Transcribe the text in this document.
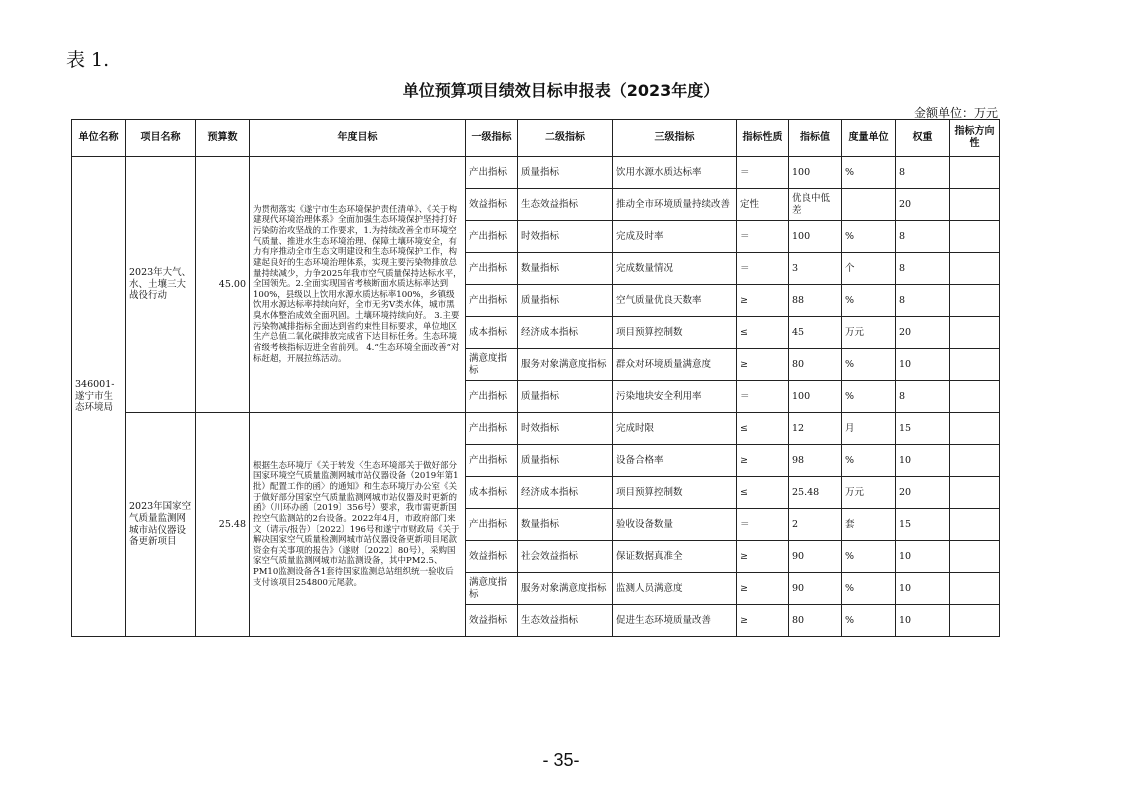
表 1.
单位预算项目绩效目标申报表（2023年度）
金额单位：万元
单位名称	项目名称	预算数	年度目标	一级指标	二级指标	三级指标	指标性质	指标值	度量单位	权重	指标方向性
346001-遂宁市生态环境局	2023年大气、水、土壤三大战役行动	45.00	为贯彻落实《遂宁市生态环境保护责任清单》、《关于构建现代环境治理体系》全面加强生态环境保护坚持打好污染防治攻坚战的工作要求，1.为持续改善全市环境空气质量、推进水生态环境治理、保障土壤环境安全，有力有序推动全市生态文明建设和生态环境保护工作，构建起良好的生态环境治理体系，实现主要污染物排放总量持续减少，力争2025年我市空气质量保持达标水平，全国领先。2.全面实现国省考核断面水质达标率达到100%，县级以上饮用水源水质达标率100%，乡镇级饮用水源达标率持续向好，全市无劣Ⅴ类水体，城市黑臭水体整治成效全面巩固。土壤环境持续向好。 3.主要污染物减排指标全面达到省约束性目标要求，单位地区生产总值二氧化碳排放完成省下达目标任务。生态环境省级考核指标迈进全省前列。 4.“生态环境全面改善”对标赶超，开展拉练活动。	产出指标	质量指标	饮用水源水质达标率	＝	100	%	8	
				效益指标	生态效益指标	推动全市环境质量持续改善	定性	优良中低差		20	
				产出指标	时效指标	完成及时率	＝	100	%	8	
				产出指标	数量指标	完成数量情况	＝	3	个	8	
				产出指标	质量指标	空气质量优良天数率	≥	88	%	8	
				成本指标	经济成本指标	项目预算控制数	≤	45	万元	20	
				满意度指标	服务对象满意度指标	群众对环境质量满意度	≥	80	%	10	
				产出指标	质量指标	污染地块安全利用率	＝	100	%	8	
	2023年国家空气质量监测网城市站仪器设备更新项目	25.48	根据生态环境厅《关于转发〈生态环境部关于做好部分国家环境空气质量监测网城市站仪器设备（2019年第1批）配置工作的函〉的通知》和生态环境厅办公室《关于做好部分国家空气质量监测网城市站仪器及时更新的函》（川环办函〔2019〕356号）要求，我市需更新国控空气监测站的2台设备。2022年4月，市政府部门来文（请示/报告）〔2022〕196号和遂宁市财政局《关于解决国家空气质量检测网城市站仪器设备更新项目尾款资金有关事项的报告》（遂财〔2022〕80号），采购国家空气质量监测网城市站监测设备，其中PM2.5、PM10监测设备各1套待国家监测总站组织统一验收后支付该项目254800元尾款。	产出指标	时效指标	完成时限	≤	12	月	15	
				产出指标	质量指标	设备合格率	≥	98	%	10	
				成本指标	经济成本指标	项目预算控制数	≤	25.48	万元	20	
				产出指标	数量指标	验收设备数量	＝	2	套	15	
				效益指标	社会效益指标	保证数据真准全	≥	90	%	10	
				满意度指标	服务对象满意度指标	监测人员满意度	≥	90	%	10	
				效益指标	生态效益指标	促进生态环境质量改善	≥	80	%	10	
- 35-
